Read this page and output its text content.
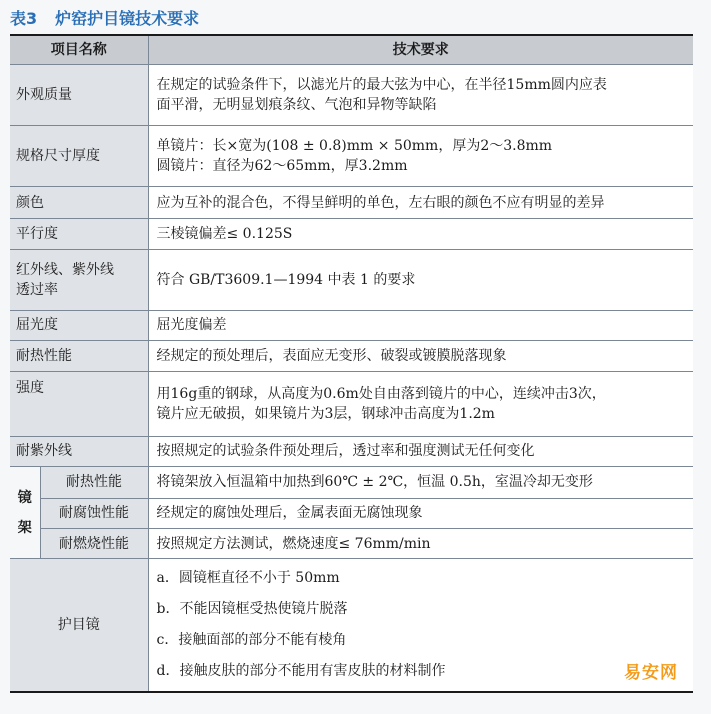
表3 炉窑护目镜技术要求
项目名称		技术要求
外观质量		在规定的试验条件下，以滤光片的最大弦为中心，在半径15mm圆内应表
面平滑，无明显划痕条纹、气泡和异物等缺陷

规格尺寸厚度		单镜片：长×宽为(108 ± 0.8)mm × 50mm，厚为2～3.8mm
圆镜片：直径为62～65mm，厚3.2mm

颜色		应为互补的混合色，不得呈鲜明的单色，左右眼的颜色不应有明显的差异

平行度		三棱镜偏差≤ 0.125S

红外线、紫外线
透过率		符合 GB/T3609.1—1994 中表 1 的要求

屈光度		屈光度偏差

耐热性能		经规定的预处理后，表面应无变形、破裂或镀膜脱落现象

强度		用16g重的钢球，从高度为0.6m处自由落到镜片的中心，连续冲击3次，
镜片应无破损，如果镜片为3层，钢球冲击高度为1.2m

耐紫外线		按照规定的试验条件预处理后，透过率和强度测试无任何变化

镜
架	耐热性能	将镜架放入恒温箱中加热到60℃ ± 2℃，恒温 0.5h，室温冷却无变形

	耐腐蚀性能	经规定的腐蚀处理后，金属表面无腐蚀现象

	耐燃烧性能	按照规定方法测试，燃烧速度≤ 76mm/min

护目镜		a．圆镜框直径不小于 50mm
b．不能因镜框受热使镜片脱落
c．接触面部的部分不能有棱角
d．接触皮肤的部分不能用有害皮肤的材料制作	易安网
